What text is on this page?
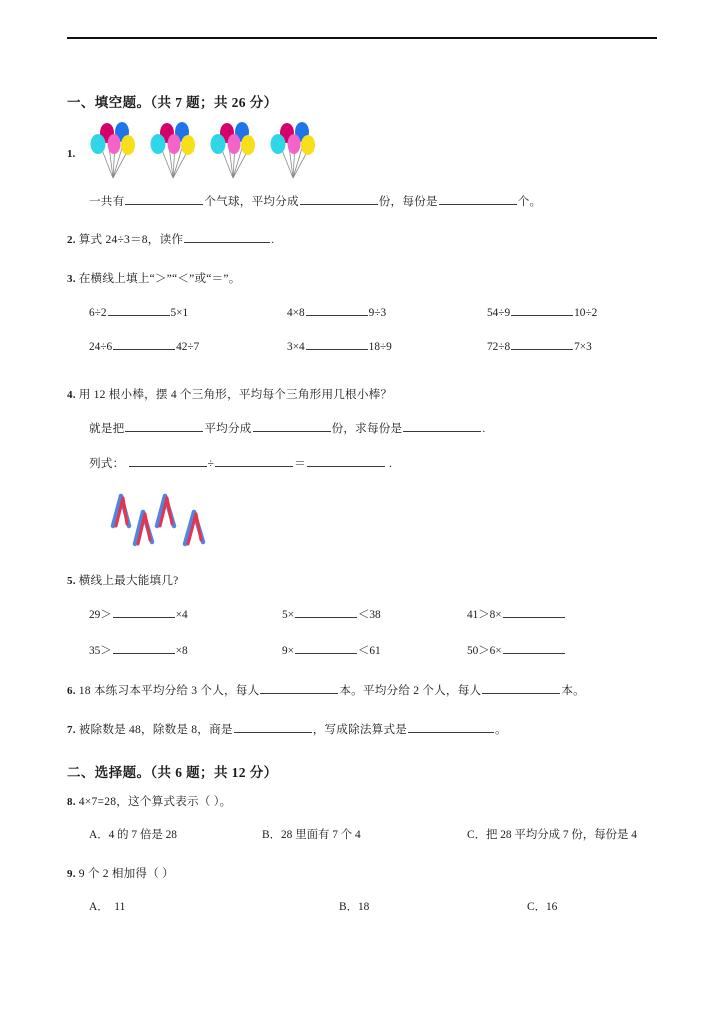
一、填空题。（共 7 题；共 26 分）
1.
一共有	个气球，平均分成	份，每份是	个。
2. 算式 24÷3＝8，读作	.
3. 在横线上填上“＞”“＜”或“＝”。
6÷2	5×1	4×8	9÷3	54÷9	10÷2
24÷6	42÷7	3×4	18÷9	72÷8	7×3
4. 用 12 根小棒，摆 4 个三角形，平均每个三角形用几根小棒？
就是把	平均分成	份，求每份是	.
列式：	÷	＝	.
5. 横线上最大能填几?
29＞	×4	5×	＜38	41＞8×
35＞	×8	9×	＜61	50＞6×
6. 18 本练习本平均分给 3 个人，每人	本。平均分给 2 个人，每人	本。
7. 被除数是 48，除数是 8，商是	，写成除法算式是	。
二、选择题。（共 6 题；共 12 分）
8. 4×7=28，这个算式表示（ ）。
A．4 的 7 倍是 28	B．28 里面有 7 个 4	C．把 28 平均分成 7 份，每份是 4
9. 9 个 2 相加得（ ）
A．　11	B．18	C．16
